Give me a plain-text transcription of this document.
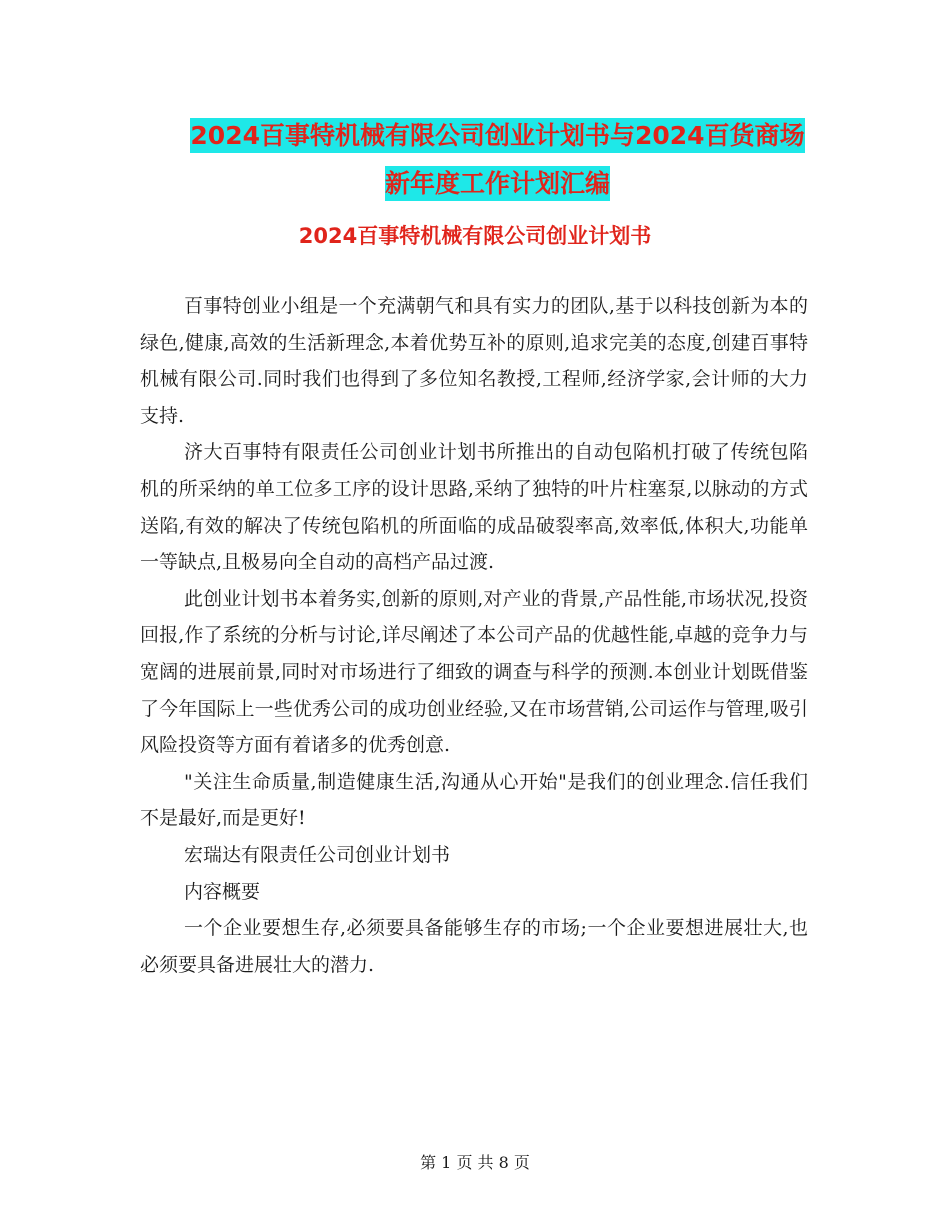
2024百事特机械有限公司创业计划书与2024百货商场
新年度工作计划汇编
2024百事特机械有限公司创业计划书

百事特创业小组是一个充满朝气和具有实力的团队,基于以科技创新为本的绿色,健康,高效的生活新理念,本着优势互补的原则,追求完美的态度,创建百事特机械有限公司.同时我们也得到了多位知名教授,工程师,经济学家,会计师的大力支持.

济大百事特有限责任公司创业计划书所推出的自动包陷机打破了传统包陷机的所采纳的单工位多工序的设计思路,采纳了独特的叶片柱塞泵,以脉动的方式送陷,有效的解决了传统包陷机的所面临的成品破裂率高,效率低,体积大,功能单一等缺点,且极易向全自动的高档产品过渡.

此创业计划书本着务实,创新的原则,对产业的背景,产品性能,市场状况,投资回报,作了系统的分析与讨论,详尽阐述了本公司产品的优越性能,卓越的竞争力与宽阔的进展前景,同时对市场进行了细致的调查与科学的预测.本创业计划既借鉴了今年国际上一些优秀公司的成功创业经验,又在市场营销,公司运作与管理,吸引风险投资等方面有着诸多的优秀创意.

"关注生命质量,制造健康生活,沟通从心开始"是我们的创业理念.信任我们不是最好,而是更好!

宏瑞达有限责任公司创业计划书

内容概要

一个企业要想生存,必须要具备能够生存的市场;一个企业要想进展壮大,也必须要具备进展壮大的潜力.

第 1 页 共 8 页
